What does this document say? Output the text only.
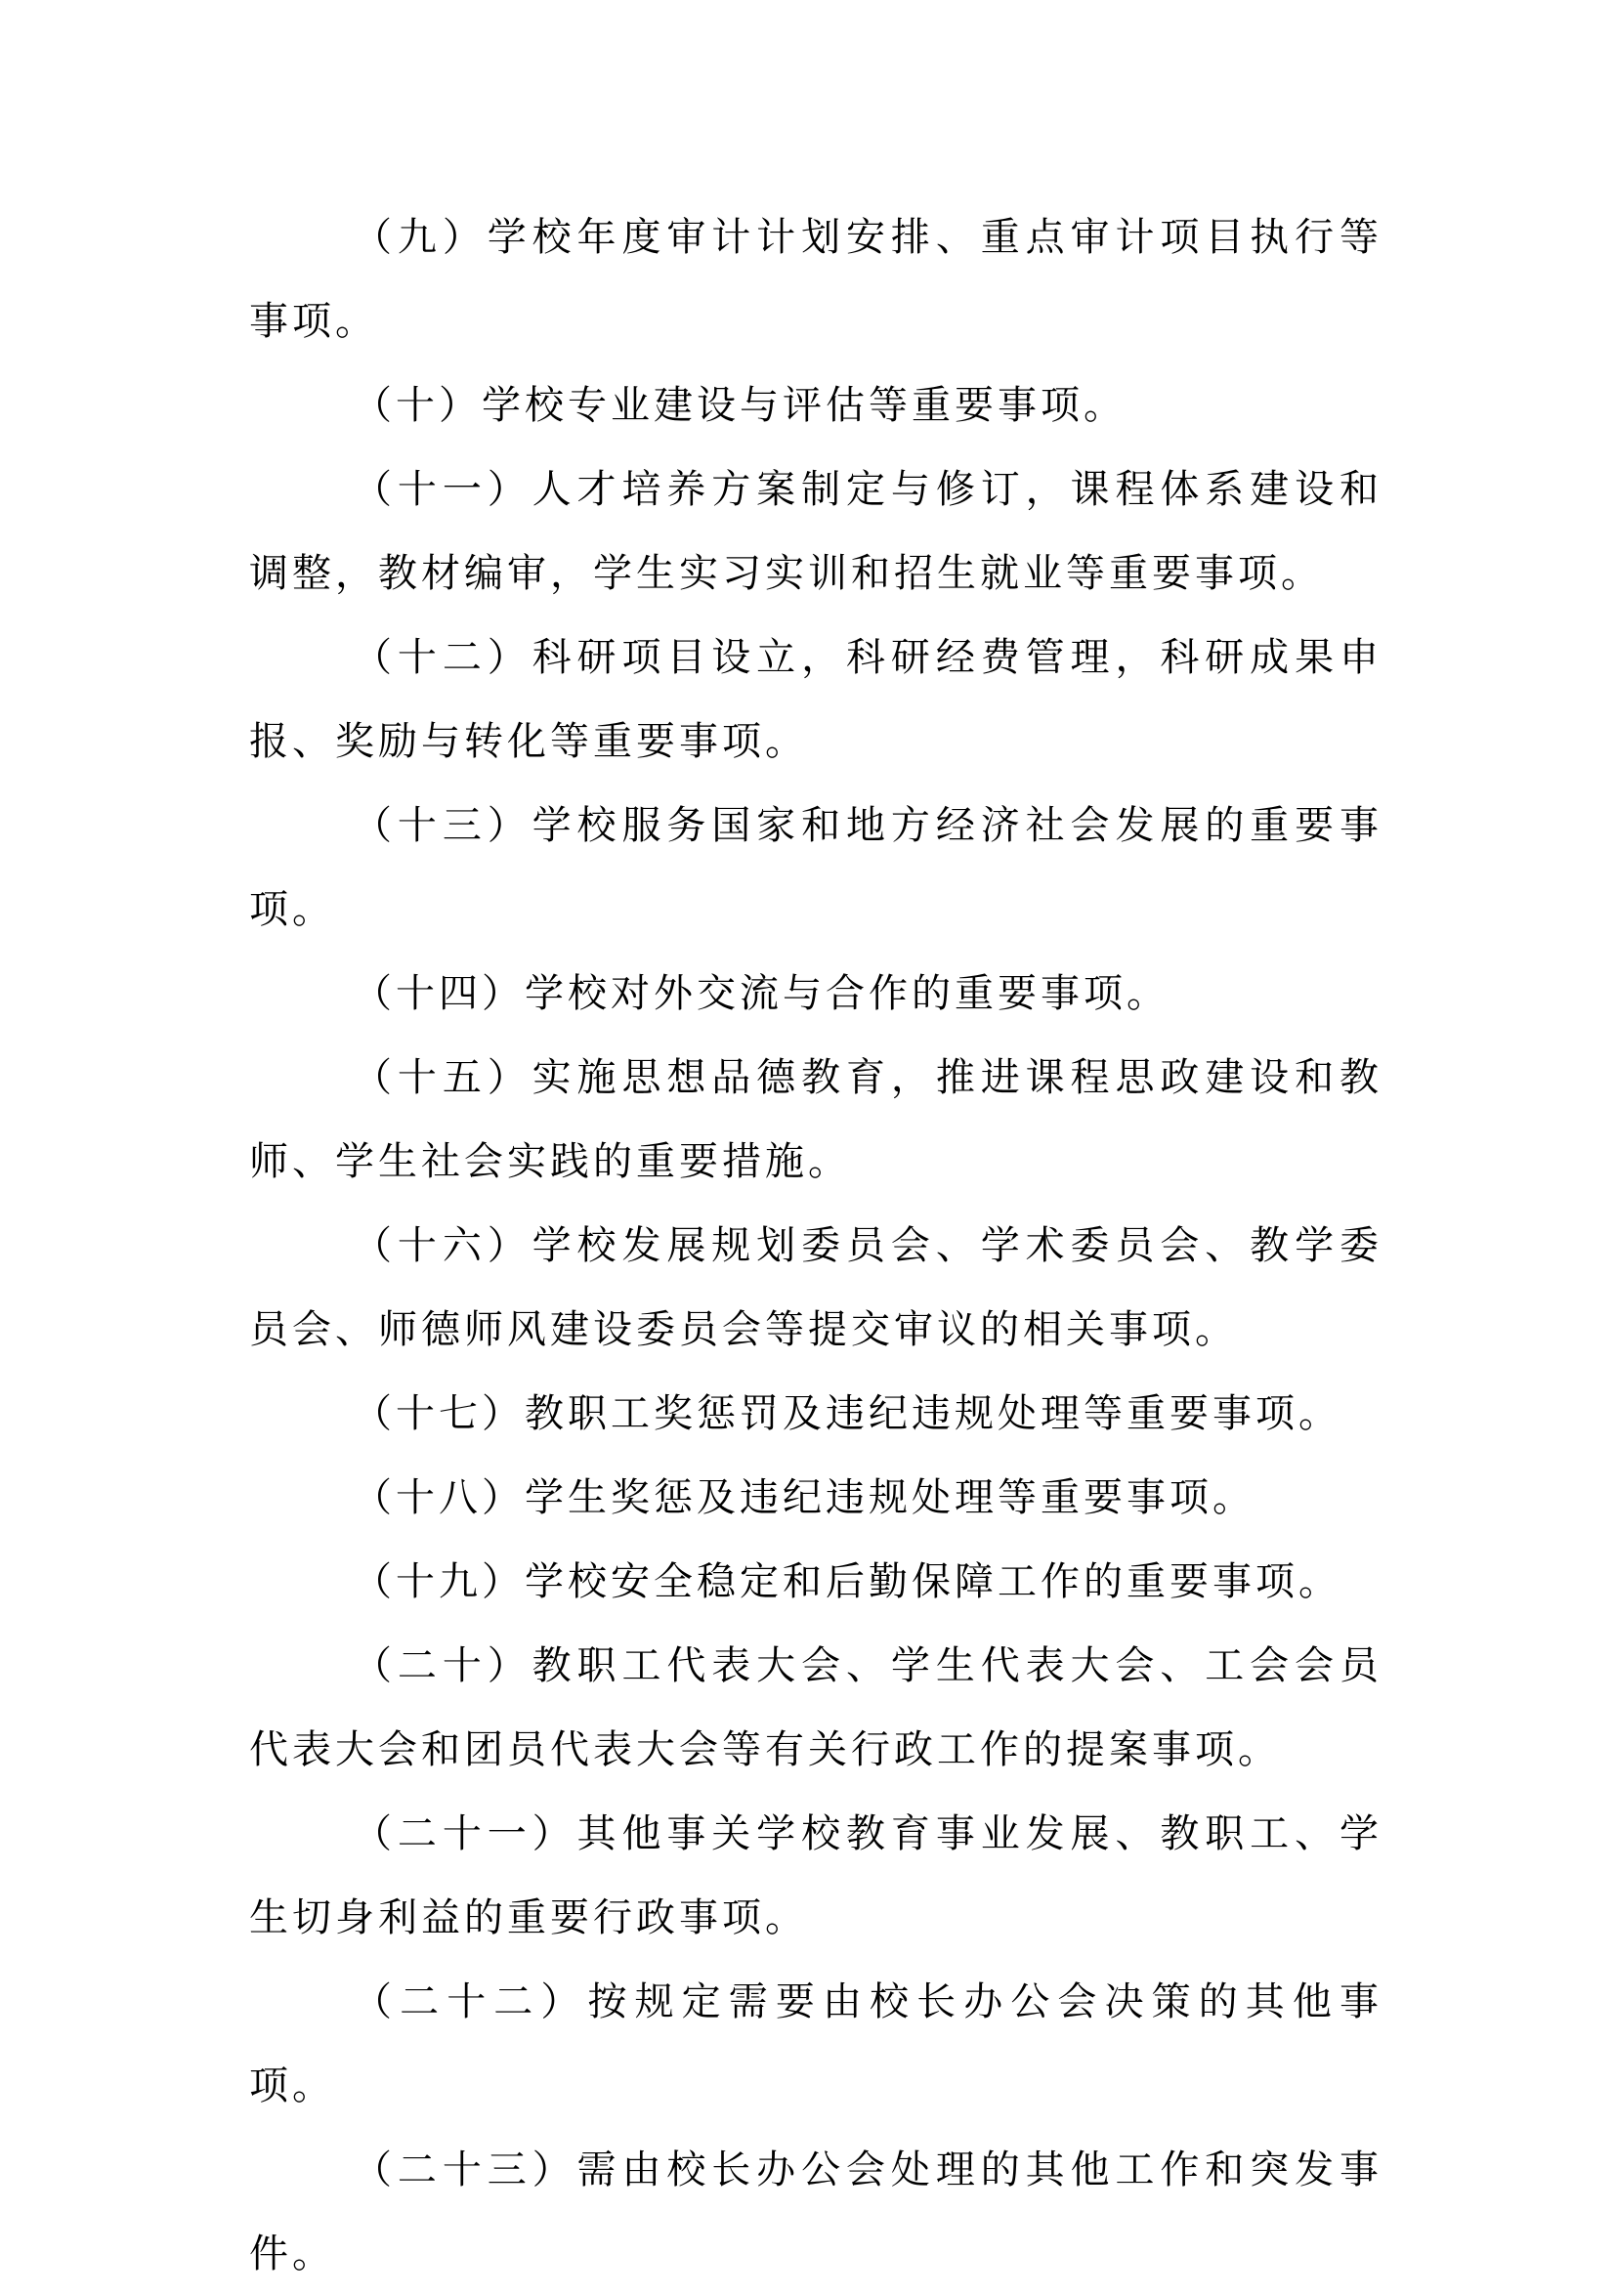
（九）学校年度审计计划安排、重点审计项目执行等事项。

（十）学校专业建设与评估等重要事项。

（十一）人才培养方案制定与修订，课程体系建设和调整，教材编审，学生实习实训和招生就业等重要事项。

（十二）科研项目设立，科研经费管理，科研成果申报、奖励与转化等重要事项。

（十三）学校服务国家和地方经济社会发展的重要事项。

（十四）学校对外交流与合作的重要事项。

（十五）实施思想品德教育，推进课程思政建设和教师、学生社会实践的重要措施。

（十六）学校发展规划委员会、学术委员会、教学委员会、师德师风建设委员会等提交审议的相关事项。

（十七）教职工奖惩罚及违纪违规处理等重要事项。

（十八）学生奖惩及违纪违规处理等重要事项。

（十九）学校安全稳定和后勤保障工作的重要事项。

（二十）教职工代表大会、学生代表大会、工会会员代表大会和团员代表大会等有关行政工作的提案事项。

（二十一）其他事关学校教育事业发展、教职工、学生切身利益的重要行政事项。

（二十二）按规定需要由校长办公会决策的其他事项。

（二十三）需由校长办公会处理的其他工作和突发事件。
